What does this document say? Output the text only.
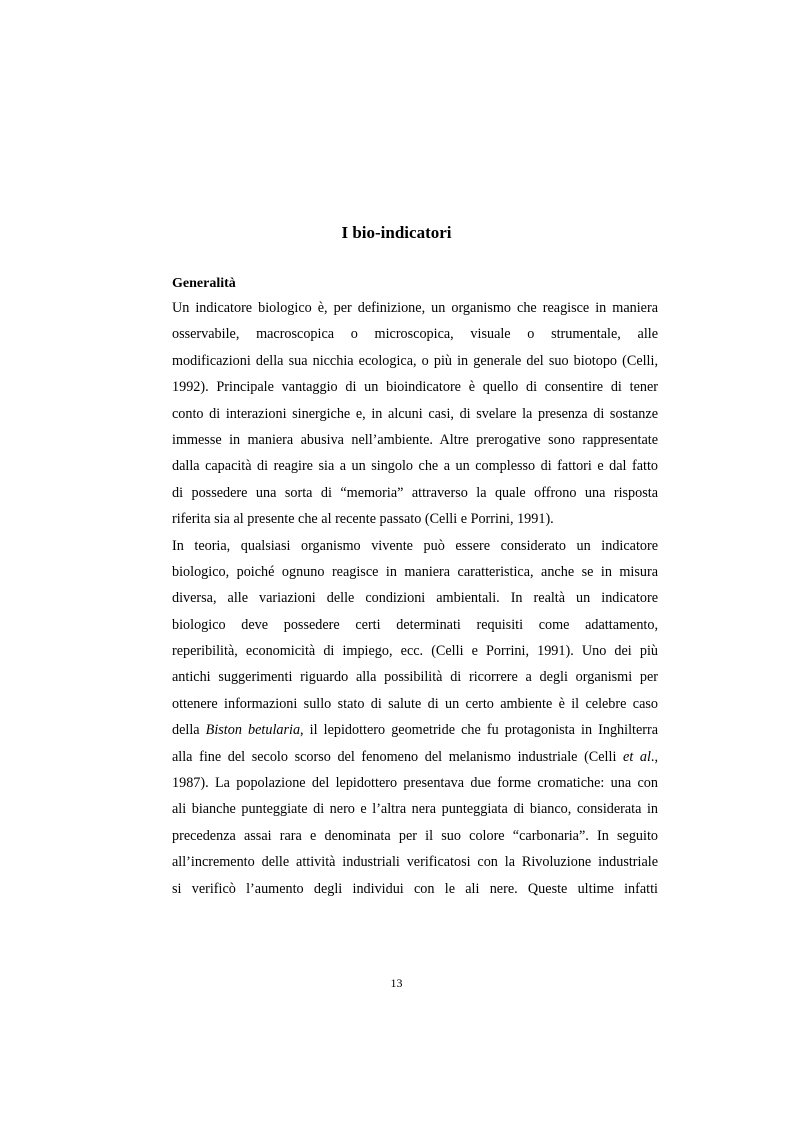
I bio-indicatori
Generalità
Un indicatore biologico è, per definizione, un organismo che reagisce in maniera
osservabile, macroscopica o microscopica, visuale o strumentale, alle
modificazioni della sua nicchia ecologica, o più in generale del suo biotopo (Celli,
1992). Principale vantaggio di un bioindicatore è quello di consentire di tener
conto di interazioni sinergiche e, in alcuni casi, di svelare la presenza di sostanze
immesse in maniera abusiva nell’ambiente. Altre prerogative sono rappresentate
dalla capacità di reagire sia a un singolo che a un complesso di fattori e dal fatto
di possedere una sorta di “memoria” attraverso la quale offrono una risposta
riferita sia al presente che al recente passato (Celli e Porrini, 1991).
In teoria, qualsiasi organismo vivente può essere considerato un indicatore
biologico, poiché ognuno reagisce in maniera caratteristica, anche se in misura
diversa, alle variazioni delle condizioni ambientali. In realtà un indicatore
biologico deve possedere certi determinati requisiti come adattamento,
reperibilità, economicità di impiego, ecc. (Celli e Porrini, 1991). Uno dei più
antichi suggerimenti riguardo alla possibilità di ricorrere a degli organismi per
ottenere informazioni sullo stato di salute di un certo ambiente è il celebre caso
della Biston betularia, il lepidottero geometride che fu protagonista in Inghilterra
alla fine del secolo scorso del fenomeno del melanismo industriale (Celli et al.,
1987). La popolazione del lepidottero presentava due forme cromatiche: una con
ali bianche punteggiate di nero e l’altra nera punteggiata di bianco, considerata in
precedenza assai rara e denominata per il suo colore “carbonaria”. In seguito
all’incremento delle attività industriali verificatosi con la Rivoluzione industriale
si verificò l’aumento degli individui con le ali nere. Queste ultime infatti
13
